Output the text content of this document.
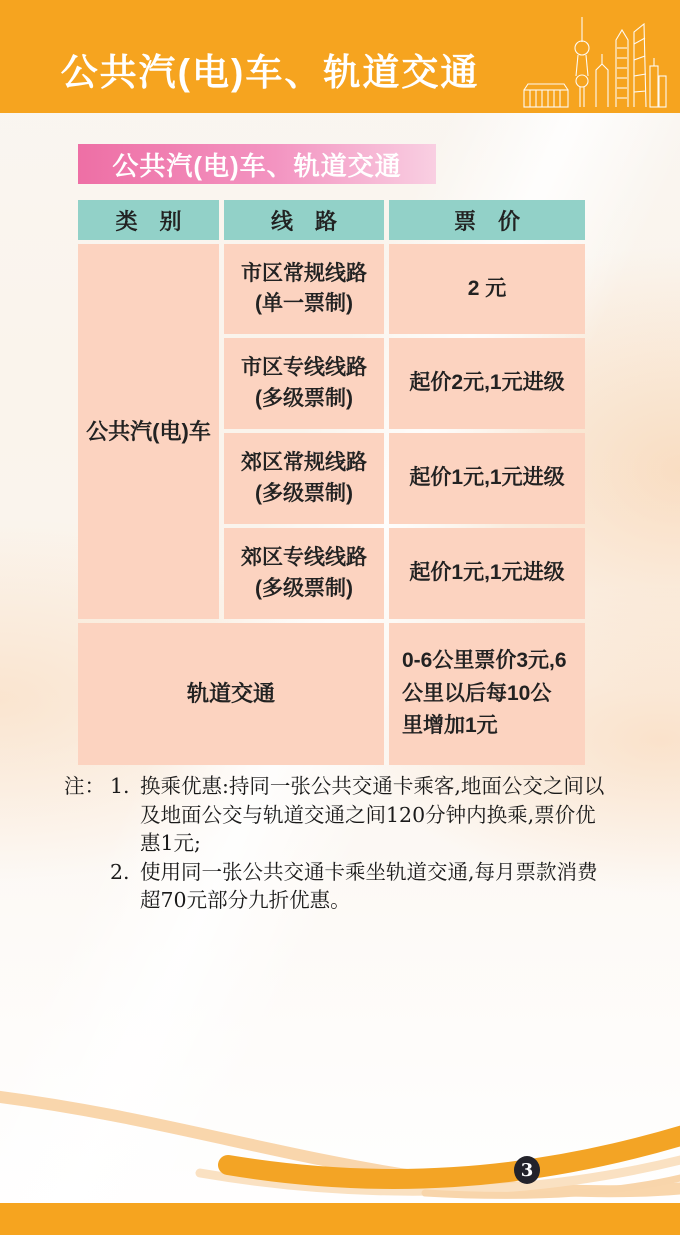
公共汽(电)车、轨道交通
公共汽(电)车、轨道交通
类　别	线　路	票　价
公共汽(电)车
市区常规线路
(单一票制)
2 元
市区专线线路
(多级票制)
起价2元,1元进级
郊区常规线路
(多级票制)
起价1元,1元进级
郊区专线线路
(多级票制)
起价1元,1元进级
轨道交通
0-6公里票价3元,6公里以后每10公里增加1元
注： 1. 换乘优惠:持同一张公共交通卡乘客,地面公交之间以及地面公交与轨道交通之间120分钟内换乘,票价优惠1元;
2. 使用同一张公共交通卡乘坐轨道交通,每月票款消费超70元部分九折优惠。
3
